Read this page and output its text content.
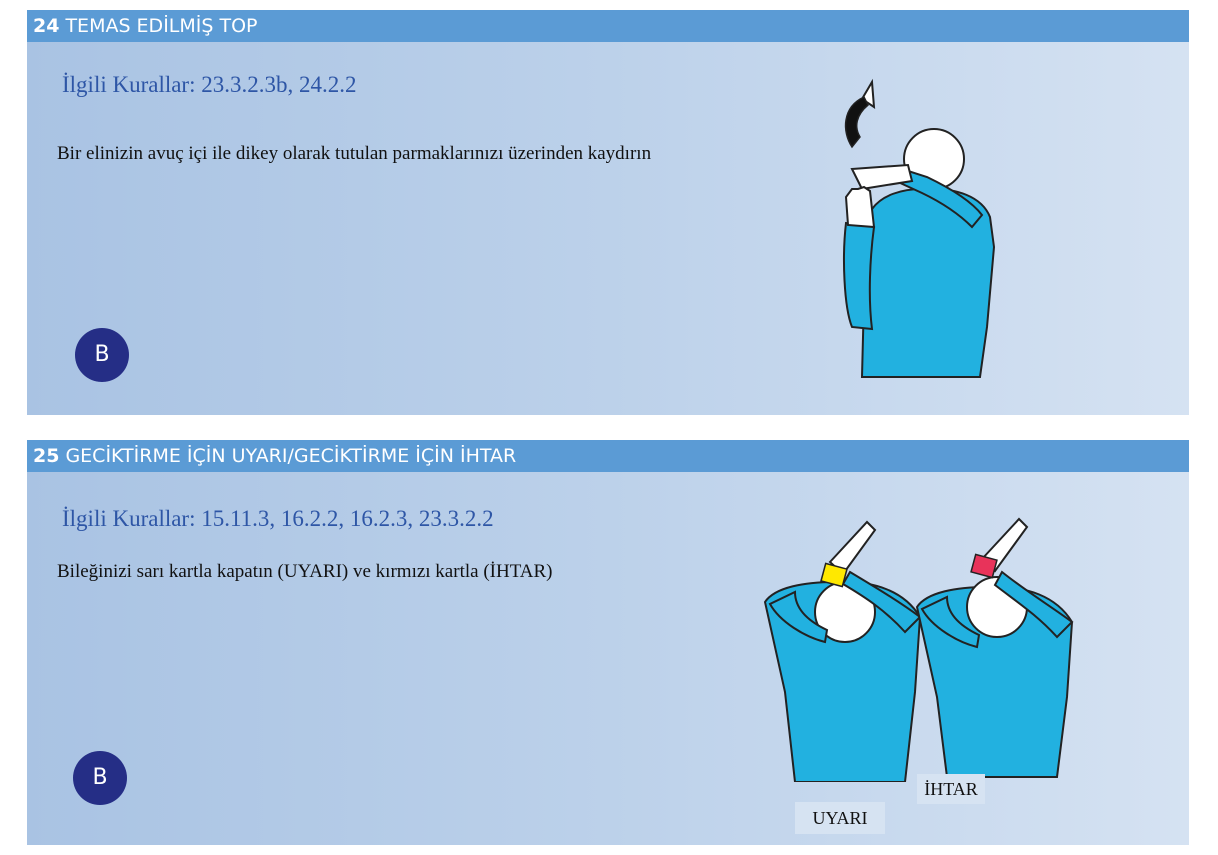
24 TEMAS EDİLMİŞ TOP
İlgili Kurallar: 23.3.2.3b, 24.2.2
Bir elinizin avuç içi ile dikey olarak tutulan parmaklarınızı üzerinden kaydırın
B
25 GECİKTİRME İÇİN UYARI/GECİKTİRME İÇİN İHTAR
İlgili Kurallar: 15.11.3, 16.2.2, 16.2.3, 23.3.2.2
Bileğinizi sarı kartla kapatın (UYARI) ve kırmızı kartla (İHTAR)
B
UYARI
İHTAR
